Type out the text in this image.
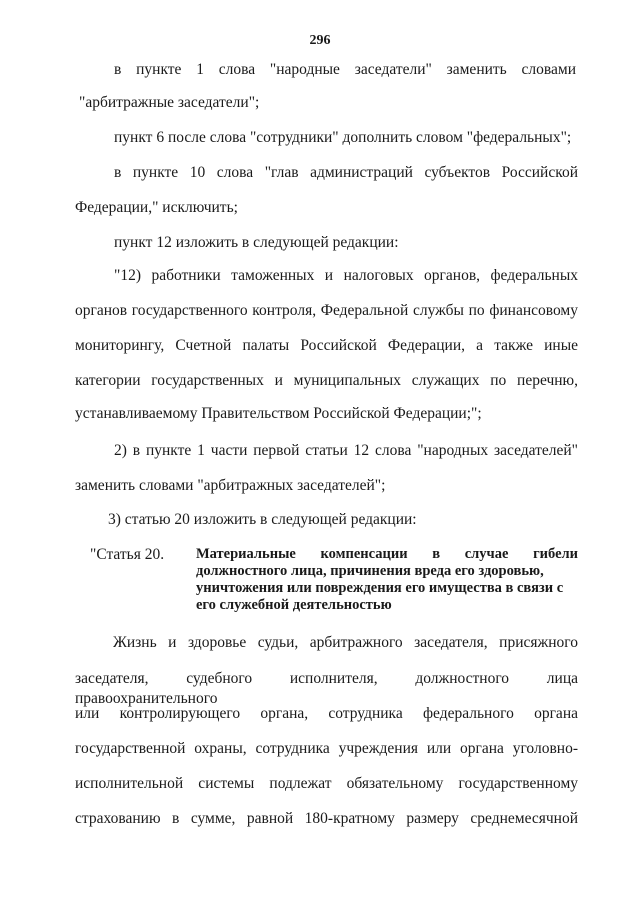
296
в пункте 1 слова "народные заседатели" заменить словами
"арбитражные заседатели";
пункт 6 после слова "сотрудники" дополнить словом "федеральных";
в пункте 10 слова "глав администраций субъектов Российской
Федерации," исключить;
пункт 12 изложить в следующей редакции:
"12) работники таможенных и налоговых органов, федеральных
органов государственного контроля, Федеральной службы по финансовому
мониторингу, Счетной палаты Российской Федерации, а также иные
категории государственных и муниципальных служащих по перечню,
устанавливаемому Правительством Российской Федерации;";
2) в пункте 1 части первой статьи 12 слова "народных заседателей"
заменить словами "арбитражных заседателей";
3) статью 20 изложить в следующей редакции:
"Статья 20. Материальные компенсации в случае гибели
должностного лица, причинения вреда его здоровью,
уничтожения или повреждения его имущества в связи с
его служебной деятельностью
Жизнь и здоровье судьи, арбитражного заседателя, присяжного
заседателя, судебного исполнителя, должностного лица правоохранительного
или контролирующего органа, сотрудника федерального органа
государственной охраны, сотрудника учреждения или органа уголовно-
исполнительной системы подлежат обязательному государственному
страхованию в сумме, равной 180-кратному размеру среднемесячной
